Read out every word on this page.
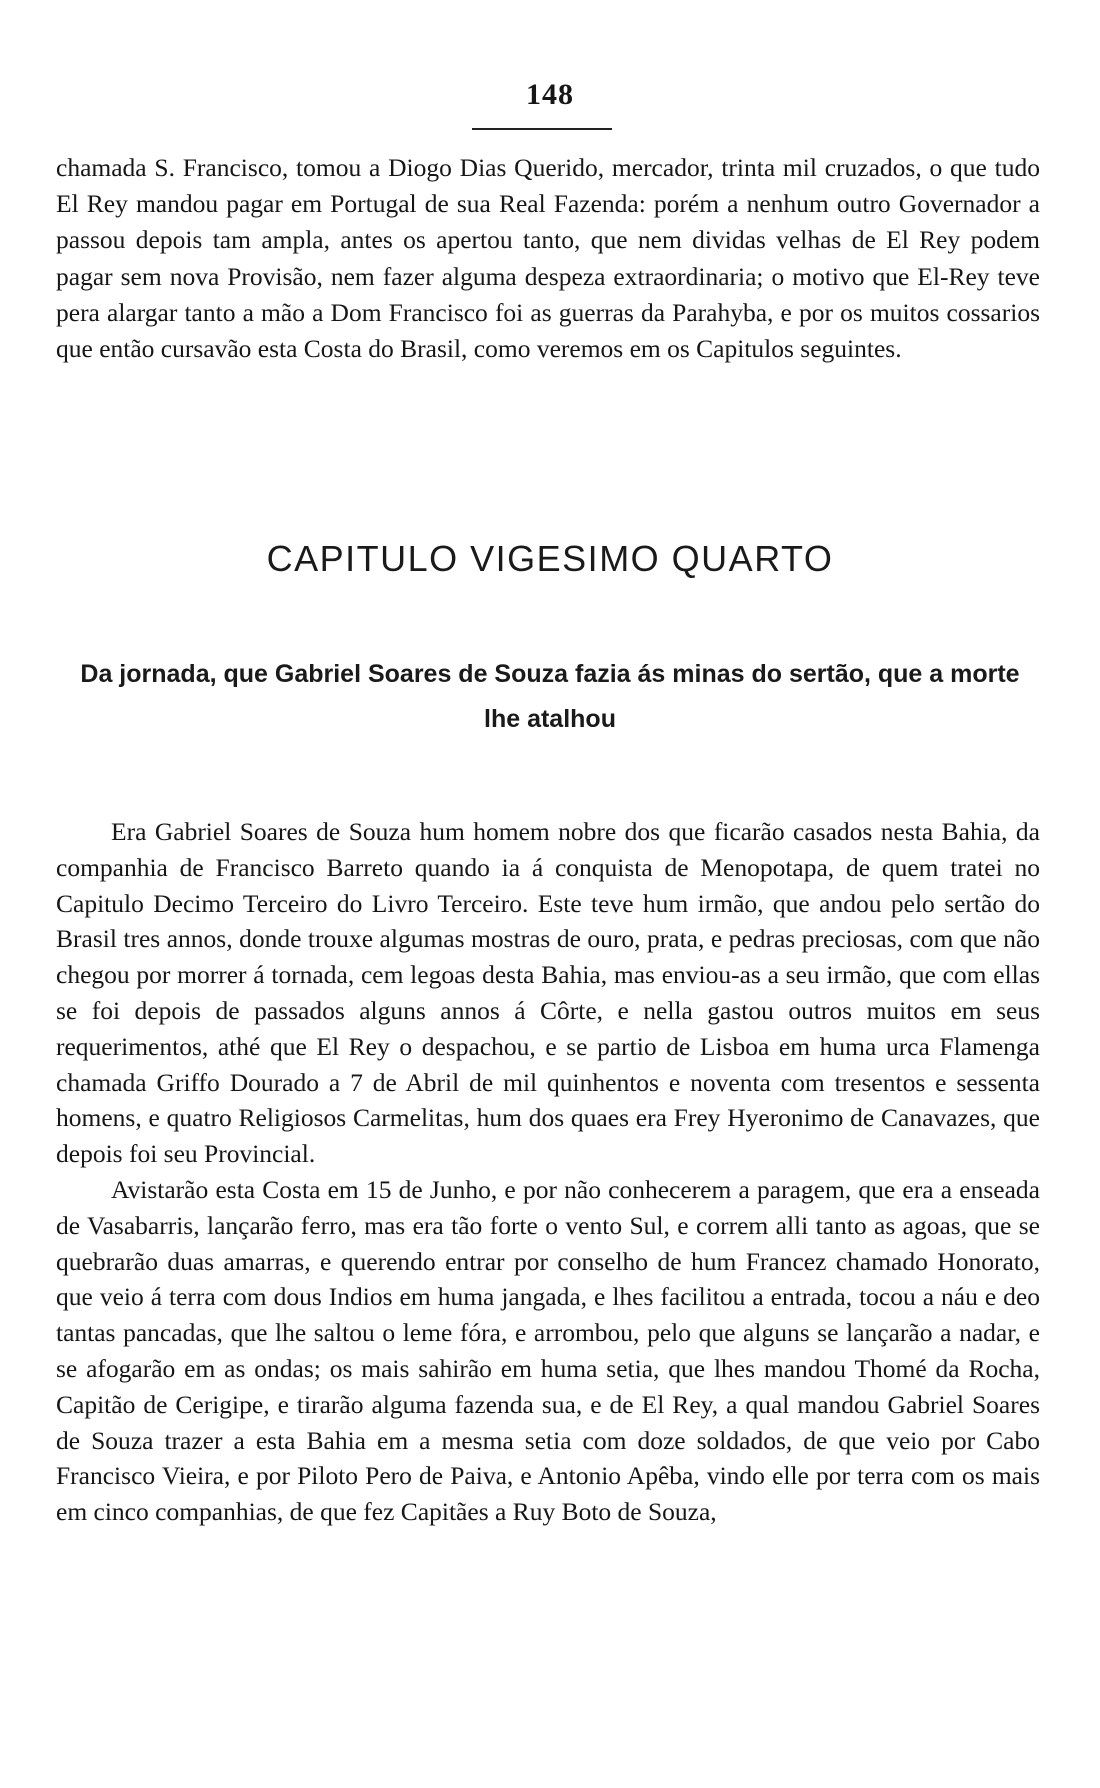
148
chamada S. Francisco, tomou a Diogo Dias Querido, mercador, trinta mil cruzados, o que tudo El Rey mandou pagar em Portugal de sua Real Fazenda: porém a nenhum outro Governador a passou depois tam ampla, antes os apertou tanto, que nem dividas velhas de El Rey podem pagar sem nova Provisão, nem fazer alguma despeza extraordinaria; o motivo que El-Rey teve pera alargar tanto a mão a Dom Francisco foi as guerras da Parahyba, e por os muitos cossarios que então cursavão esta Costa do Brasil, como veremos em os Capitulos seguintes.
CAPITULO VIGESIMO QUARTO
Da jornada, que Gabriel Soares de Souza fazia ás minas do sertão, que a morte lhe atalhou

Era Gabriel Soares de Souza hum homem nobre dos que ficarão casados nesta Bahia, da companhia de Francisco Barreto quando ia á conquista de Menopotapa, de quem tratei no Capitulo Decimo Terceiro do Livro Terceiro. Este teve hum irmão, que andou pelo sertão do Brasil tres annos, donde trouxe algumas mostras de ouro, prata, e pedras preciosas, com que não chegou por morrer á tornada, cem legoas desta Bahia, mas enviou-as a seu irmão, que com ellas se foi depois de passados alguns annos á Côrte, e nella gastou outros muitos em seus requerimentos, athé que El Rey o despachou, e se partio de Lisboa em huma urca Flamenga chamada Griffo Dourado a 7 de Abril de mil quinhentos e noventa com tresentos e sessenta homens, e quatro Religiosos Carmelitas, hum dos quaes era Frey Hyeronimo de Canavazes, que depois foi seu Provincial.

Avistarão esta Costa em 15 de Junho, e por não conhecerem a paragem, que era a enseada de Vasabarris, lançarão ferro, mas era tão forte o vento Sul, e correm alli tanto as agoas, que se quebrarão duas amarras, e querendo entrar por conselho de hum Francez chamado Honorato, que veio á terra com dous Indios em huma jangada, e lhes facilitou a entrada, tocou a náu e deo tantas pancadas, que lhe saltou o leme fóra, e arrombou, pelo que alguns se lançarão a nadar, e se afogarão em as ondas; os mais sahirão em huma setia, que lhes mandou Thomé da Rocha, Capitão de Cerigipe, e tirarão alguma fazenda sua, e de El Rey, a qual mandou Gabriel Soares de Souza trazer a esta Bahia em a mesma setia com doze soldados, de que veio por Cabo Francisco Vieira, e por Piloto Pero de Paiva, e Antonio Apêba, vindo elle por terra com os mais em cinco companhias, de que fez Capitães a Ruy Boto de Souza,
